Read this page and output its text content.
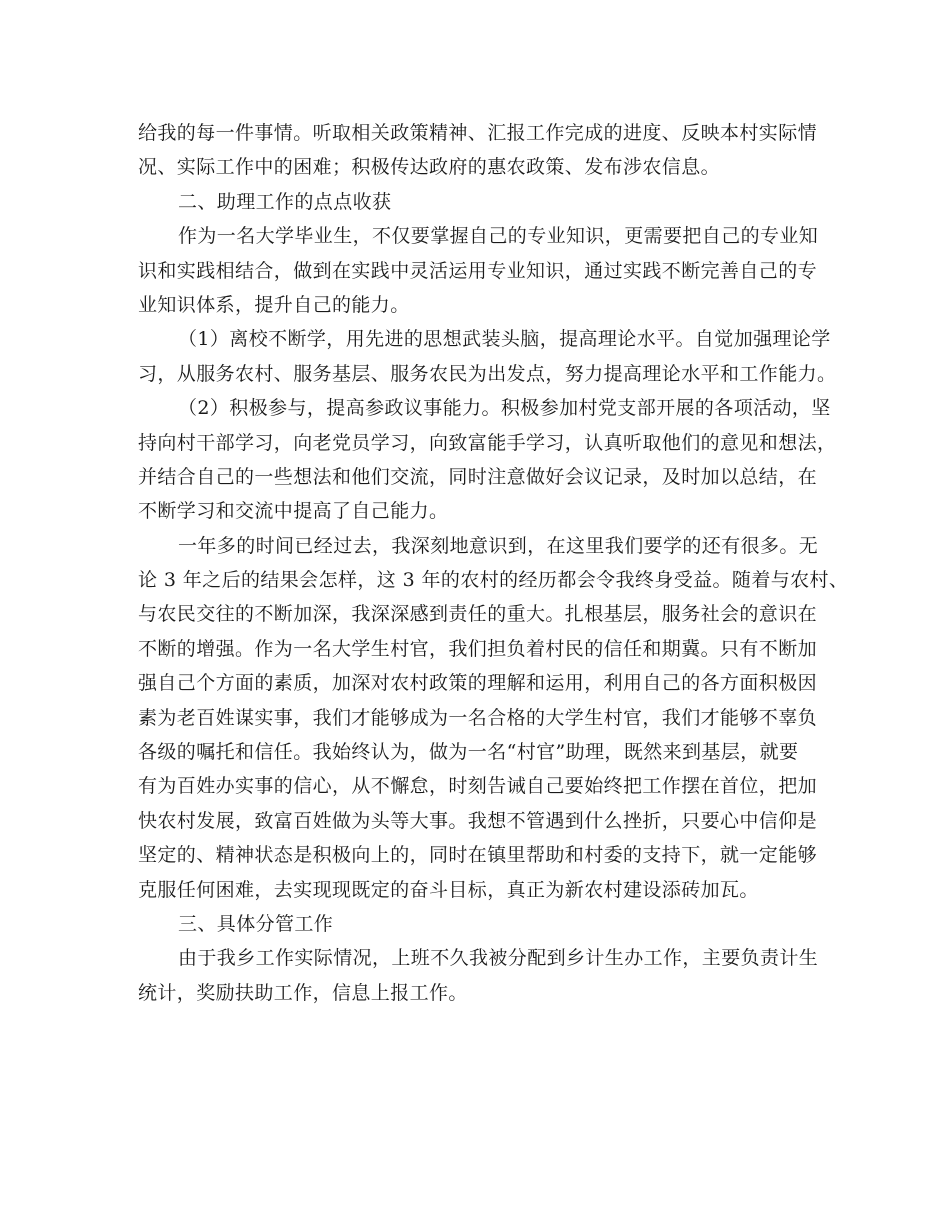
给我的每一件事情。听取相关政策精神、汇报工作完成的进度、反映本村实际情
况、实际工作中的困难；积极传达政府的惠农政策、发布涉农信息。
二、助理工作的点点收获
作为一名大学毕业生，不仅要掌握自己的专业知识，更需要把自己的专业知
识和实践相结合，做到在实践中灵活运用专业知识，通过实践不断完善自己的专
业知识体系，提升自己的能力。
（1）离校不断学，用先进的思想武装头脑，提高理论水平。自觉加强理论学
习，从服务农村、服务基层、服务农民为出发点，努力提高理论水平和工作能力。
（2）积极参与，提高参政议事能力。积极参加村党支部开展的各项活动，坚
持向村干部学习，向老党员学习，向致富能手学习，认真听取他们的意见和想法，
并结合自己的一些想法和他们交流，同时注意做好会议记录，及时加以总结，在
不断学习和交流中提高了自己能力。
一年多的时间已经过去，我深刻地意识到，在这里我们要学的还有很多。无
论 3 年之后的结果会怎样，这 3 年的农村的经历都会令我终身受益。随着与农村、
与农民交往的不断加深，我深深感到责任的重大。扎根基层，服务社会的意识在
不断的增强。作为一名大学生村官，我们担负着村民的信任和期冀。只有不断加
强自己个方面的素质，加深对农村政策的理解和运用，利用自己的各方面积极因
素为老百姓谋实事，我们才能够成为一名合格的大学生村官，我们才能够不辜负
各级的嘱托和信任。我始终认为，做为一名“村官”助理，既然来到基层，就要
有为百姓办实事的信心，从不懈怠，时刻告诫自己要始终把工作摆在首位，把加
快农村发展，致富百姓做为头等大事。我想不管遇到什么挫折，只要心中信仰是
坚定的、精神状态是积极向上的，同时在镇里帮助和村委的支持下，就一定能够
克服任何困难，去实现现既定的奋斗目标，真正为新农村建设添砖加瓦。
三、具体分管工作
由于我乡工作实际情况，上班不久我被分配到乡计生办工作，主要负责计生
统计，奖励扶助工作，信息上报工作。
